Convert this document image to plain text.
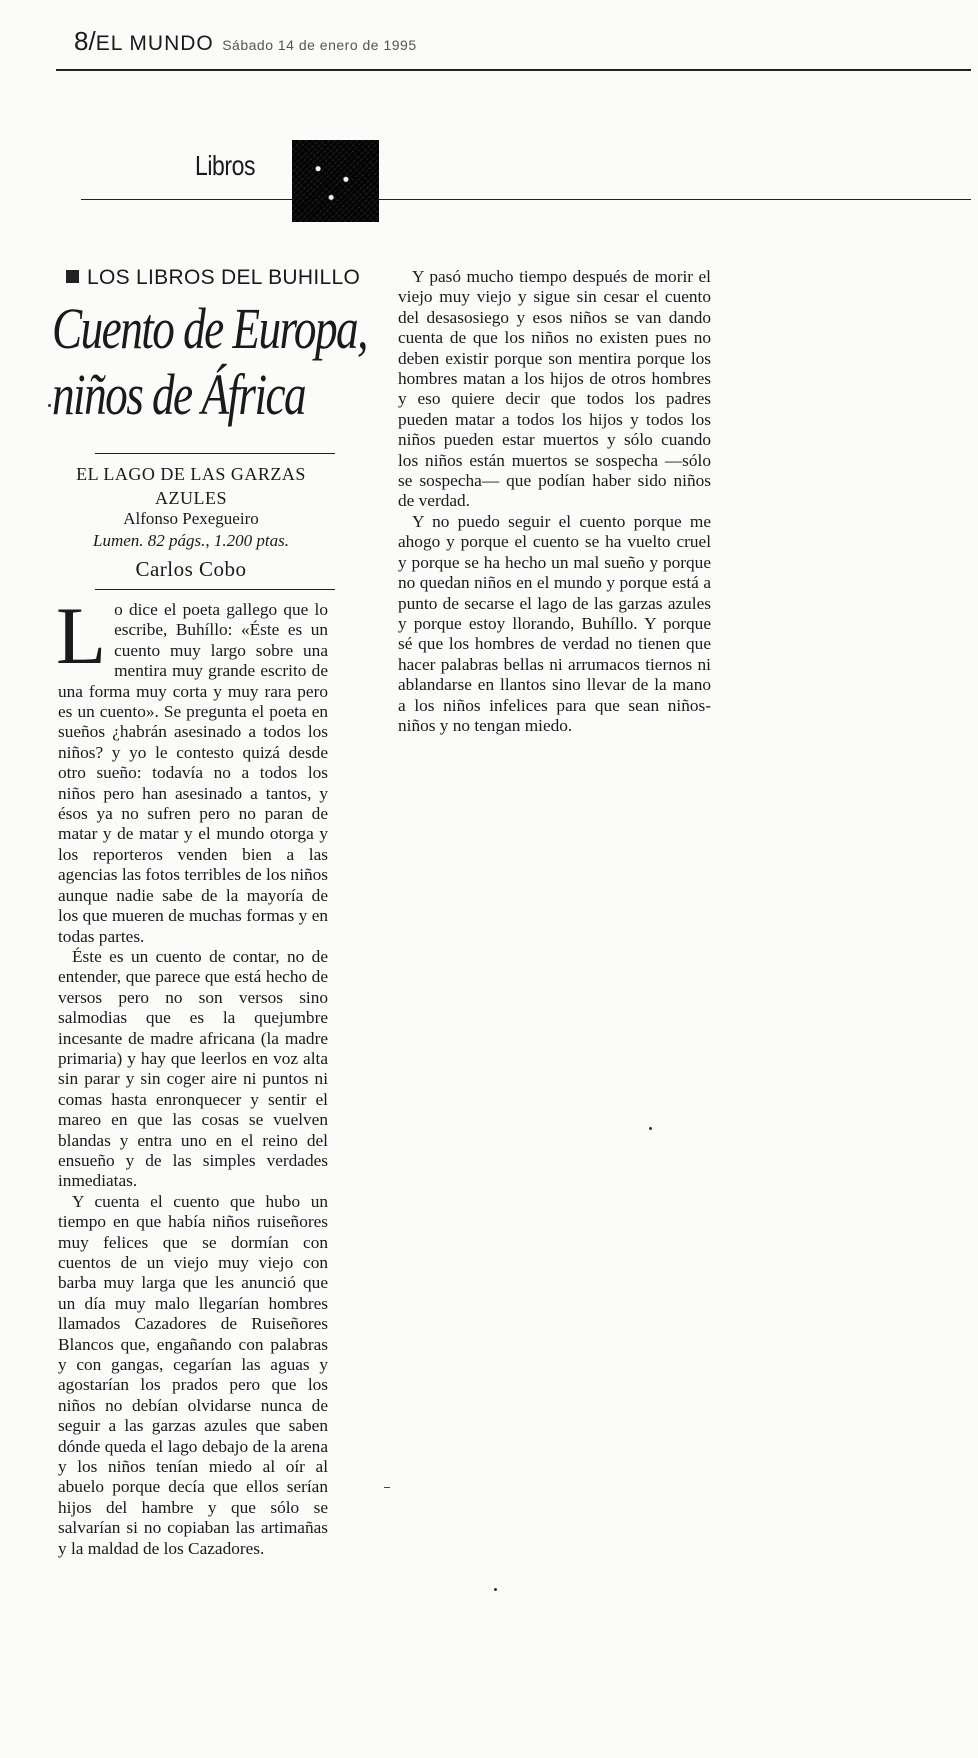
8/EL MUNDO Sábado 14 de enero de 1995
Libros
LOS LIBROS DEL BUHILLO
Cuento de Europa,
niños de África
EL LAGO DE LAS GARZAS AZULES
Alfonso Pexegueiro
Lumen. 82 págs., 1.200 ptas.
Carlos Cobo

Lo dice el poeta gallego que lo escribe, Buhíllo: «Éste es un cuento muy largo sobre una mentira muy grande escrito de una forma muy corta y muy rara pero es un cuento». Se pregunta el poeta en sueños ¿habrán asesinado a todos los niños? y yo le contesto quizá desde otro sueño: todavía no a todos los niños pero han asesinado a tantos, y ésos ya no sufren pero no paran de matar y de matar y el mundo otorga y los reporteros venden bien a las agencias las fotos terribles de los niños aunque nadie sabe de la mayoría de los que mueren de muchas formas y en todas partes.

Éste es un cuento de contar, no de entender, que parece que está hecho de versos pero no son versos sino salmodias que es la quejumbre incesante de madre africana (la madre primaria) y hay que leerlos en voz alta sin parar y sin coger aire ni puntos ni comas hasta enronquecer y sentir el mareo en que las cosas se vuelven blandas y entra uno en el reino del ensueño y de las simples verdades inmediatas.

Y cuenta el cuento que hubo un tiempo en que había niños ruiseñores muy felices que se dormían con cuentos de un viejo muy viejo con barba muy larga que les anunció que un día muy malo llegarían hombres llamados Cazadores de Ruiseñores Blancos que, engañando con palabras y con gangas, cegarían las aguas y agostarían los prados pero que los niños no debían olvidarse nunca de seguir a las garzas azules que saben dónde queda el lago debajo de la arena y los niños tenían miedo al oír al abuelo porque decía que ellos serían hijos del hambre y que sólo se salvarían si no copiaban las artimañas y la maldad de los Cazadores.

Y pasó mucho tiempo después de morir el viejo muy viejo y sigue sin cesar el cuento del desasosiego y esos niños se van dando cuenta de que los niños no existen pues no deben existir porque son mentira porque los hombres matan a los hijos de otros hombres y eso quiere decir que todos los padres pueden matar a todos los hijos y todos los niños pueden estar muertos y sólo cuando los niños están muertos se sospecha —sólo se sospecha— que podían haber sido niños de verdad.

Y no puedo seguir el cuento porque me ahogo y porque el cuento se ha vuelto cruel y porque se ha hecho un mal sueño y porque no quedan niños en el mundo y porque está a punto de secarse el lago de las garzas azules y porque estoy llorando, Buhíllo. Y porque sé que los hombres de verdad no tienen que hacer palabras bellas ni arrumacos tiernos ni ablandarse en llantos sino llevar de la mano a los niños infelices para que sean niños-niños y no tengan miedo.
